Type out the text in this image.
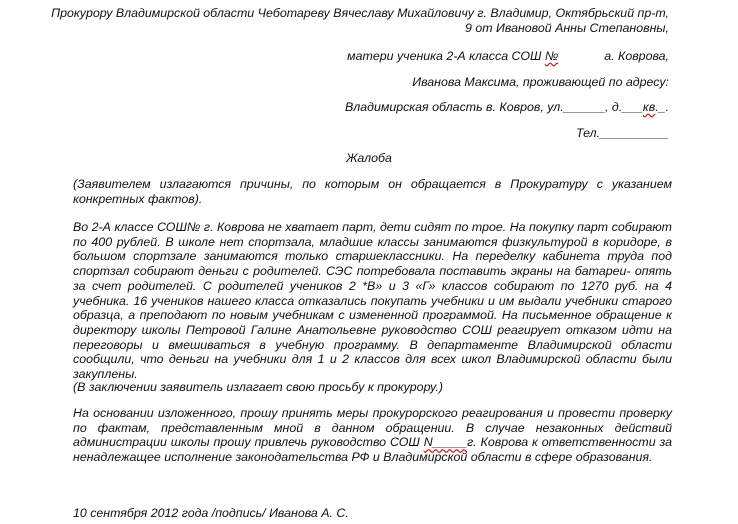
Прокурору Владимирской области Чеботареву Вячеславу Михайловичу г. Владимир, Октябрьский пр-т,
9 от Ивановой Анны Степановны,
матери ученика 2-А класса СОШ №	а. Коврова,
Иванова Максима, проживающей по адресу:
Владимирская область в. Ковров, ул.______, д.___кв._.
Тел.__________
Жалоба
(Заявителем излагаются причины, по которым он обращается в Прокуратуру с указанием конкретных фактов).
Во 2-А классе СОШ№ г. Коврова не хватает парт, дети сидят по трое. На покупку парт собирают по 400 рублей. В школе нет спортзала, младшие классы занимаются физкультурой в коридоре, в большом спортзале занимаются только старшеклассники. На переделку кабинета труда под спортзал собирают деньги с родителей. СЭС потребовала поставить экраны на батареи- опять за счет родителей. С родителей учеников 2 *В» и 3 «Г» классов собирают по 1270 руб. на 4 учебника. 16 учеников нашего класса отказались покупать учебники и им выдали учебники старого образца, а преподают по новым учебникам с измененной программой. На письменное обращение к директору школы Петровой Галине Анатольевне руководство СОШ реагирует отказом идти на переговоры и вмешиваться в учебную программу. В департаменте Владимирской области сообщили, что деньги на учебники для 1 и 2 классов для всех школ Владимирской области были закуплены.
(В заключении заявитель излагает свою просьбу к прокурору.)
На основании изложенного, прошу принять меры прокурорского реагирования и провести проверку по фактам, представленным мной в данном обращении. В случае незаконных действий администрации школы прошу привлечь руководство СОШ N_____г. Коврова к ответственности за ненадлежащее исполнение законодательства РФ и Владимирской области в сфере образования.
10 сентября 2012 года /подпись/ Иванова А. С.
